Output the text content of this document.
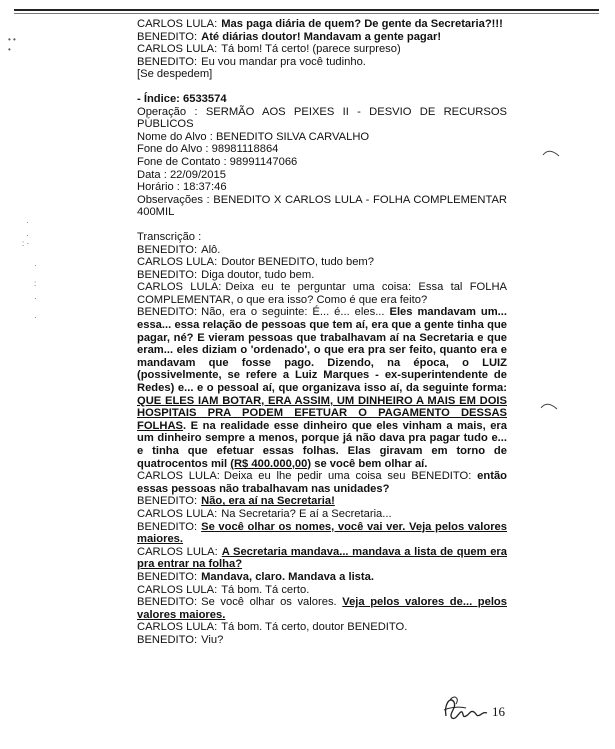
• •
•
·
·
: ·
·
:
·
·

CARLOS LULA: Mas paga diária de quem? De gente da Secretaria?!!!

BENEDITO: Até diárias doutor! Mandavam a gente pagar!

CARLOS LULA: Tá bom! Tá certo! (parece surpreso)

BENEDITO: Eu vou mandar pra você tudinho.

[Se despedem]

- Índice: 6533574

Operação : SERMÃO AOS PEIXES II - DESVIO DE RECURSOS PÚBLICOS

Nome do Alvo : BENEDITO SILVA CARVALHO

Fone do Alvo : 98981118864

Fone de Contato : 98991147066

Data : 22/09/2015

Horário : 18:37:46

Observações : BENEDITO X CARLOS LULA - FOLHA COMPLEMENTAR 400MIL

Transcrição :

BENEDITO: Alô.

CARLOS LULA: Doutor BENEDITO, tudo bem?

BENEDITO: Diga doutor, tudo bem.

CARLOS LULA: Deixa eu te perguntar uma coisa: Essa tal FOLHA COMPLEMENTAR, o que era isso? Como é que era feito?

BENEDITO: Não, era o seguinte: É... é... eles... Eles mandavam um... essa... essa relação de pessoas que tem aí, era que a gente tinha que pagar, né? E vieram pessoas que trabalhavam aí na Secretaria e que eram... eles diziam o 'ordenado', o que era pra ser feito, quanto era e mandavam que fosse pago. Dizendo, na época, o LUIZ (possivelmente, se refere a Luiz Marques - ex-superintendente de Redes) e... e o pessoal aí, que organizava isso aí, da seguinte forma: QUE ELES IAM BOTAR, ERA ASSIM, UM DINHEIRO A MAIS EM DOIS HOSPITAIS PRA PODEM EFETUAR O PAGAMENTO DESSAS FOLHAS. E na realidade esse dinheiro que eles vinham a mais, era um dinheiro sempre a menos, porque já não dava pra pagar tudo e... e tinha que efetuar essas folhas. Elas giravam em torno de quatrocentos mil (R$ 400.000,00) se você bem olhar aí.

CARLOS LULA: Deixa eu lhe pedir uma coisa seu BENEDITO: então essas pessoas não trabalhavam nas unidades?

BENEDITO: Não, era aí na Secretaria!

CARLOS LULA: Na Secretaria? E aí a Secretaria...

BENEDITO: Se você olhar os nomes, você vai ver. Veja pelos valores maiores.

CARLOS LULA: A Secretaria mandava... mandava a lista de quem era pra entrar na folha?

BENEDITO: Mandava, claro. Mandava a lista.

CARLOS LULA: Tá bom. Tá certo.

BENEDITO: Se você olhar os valores. Veja pelos valores de... pelos valores maiores.

CARLOS LULA: Tá bom. Tá certo, doutor BENEDITO.

BENEDITO: Viu?

16
